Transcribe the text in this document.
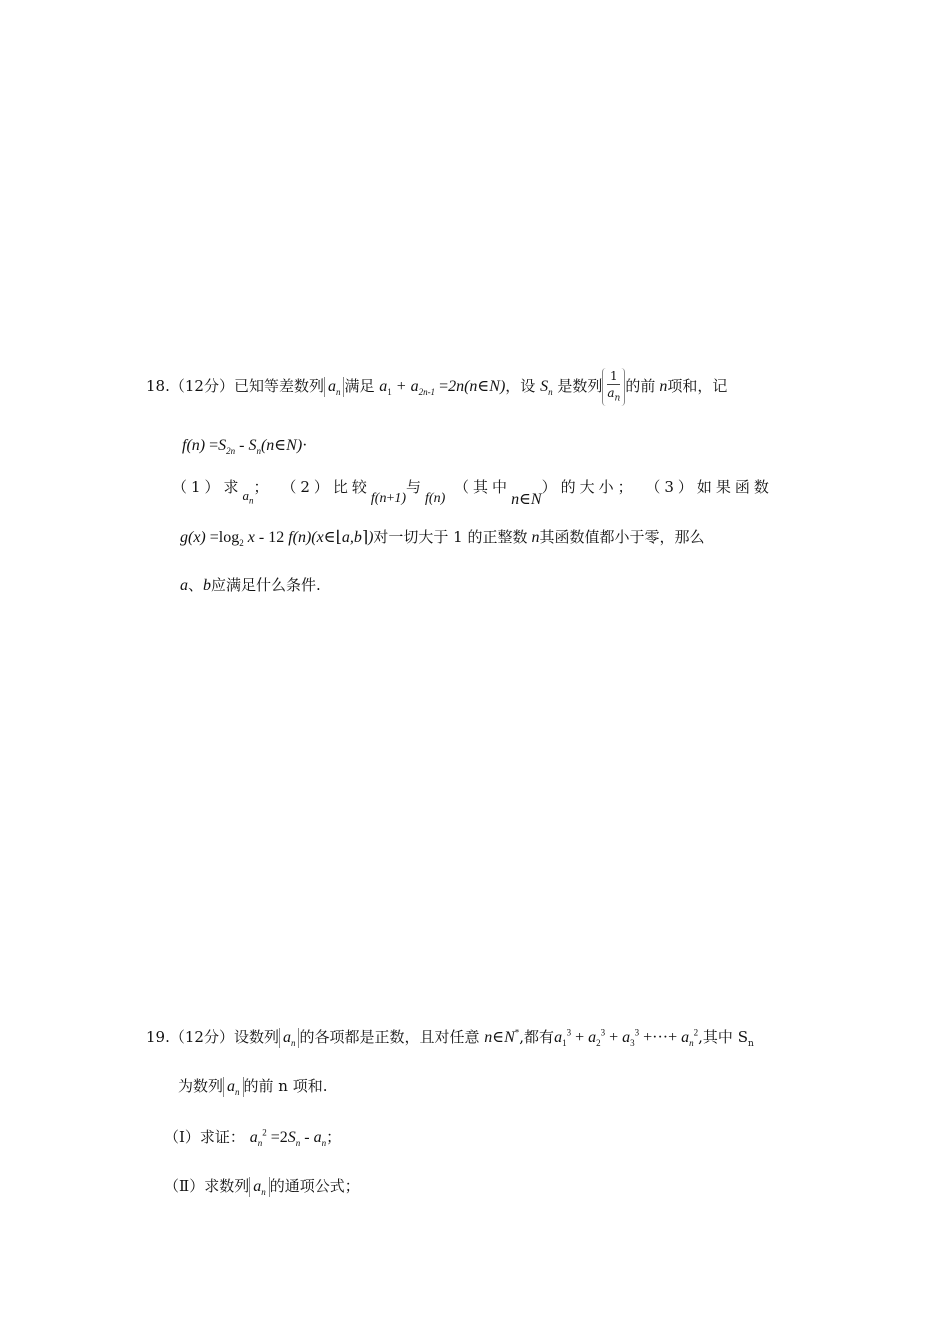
18.（12分）已知等差数列 $a_n$ 满足 $a_1 + a_{2n-1}$ =2n(n∈N)，设 $S_n$ 是数列 $\frac{1}{a_n}$ 的前 n项和，记
$f(n) =S_{2n}$ - $S_n(n\in N)\cdot$
（1）求$a_n$； （2）比较f(n+1)与f(n) （其中n∈N）的大小； （3）如果函数
$g(x) =\log_2$ x - 12 f(n)(x∈⌊a,b⌉)对一切大于 1 的正整数 n其函数值都小于零，那么
a、b应满足什么条件.
19.（12分）设数列 $a_n$ 的各项都是正数，且对任意 n∈N*,都有$a_1^3 + a_2^3 + a_3^3$ +···+ $a_n^2$,其中 $S_n$
为数列 $a_n$ 的前 n 项和.
（Ⅰ）求证： $a_n^2 =2S_n - a_n$；
（Ⅱ）求数列 $a_n$ 的通项公式；
